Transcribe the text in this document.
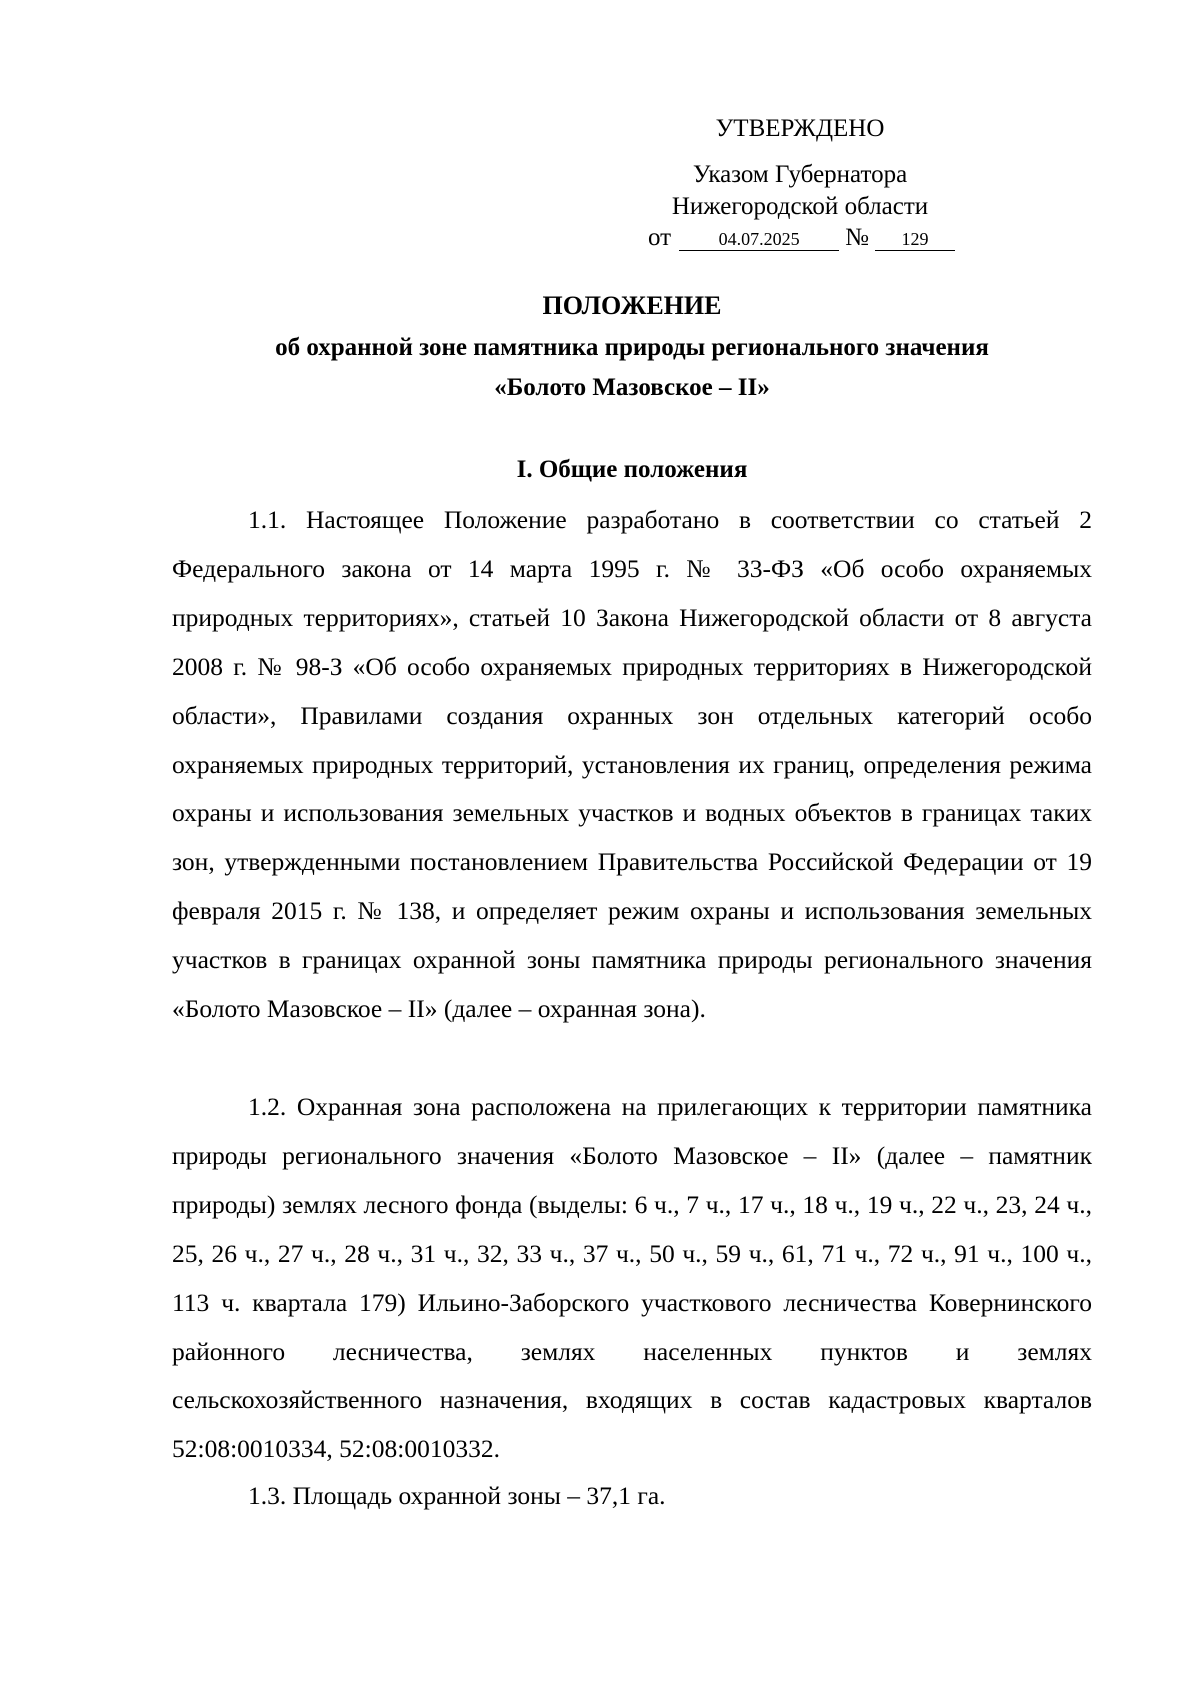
УТВЕРЖДЕНО
Указом Губернатора
Нижегородской области
от	04.07.2025 № 129
ПОЛОЖЕНИЕ
об охранной зоне памятника природы регионального значения
«Болото Мазовское – II»
I. Общие положения

1.1. Настоящее Положение разработано в соответствии со статьей 2 Федерального закона от 14 марта 1995 г. № 33-ФЗ «Об особо охраняемых природных территориях», статьей 10 Закона Нижегородской области от 8 августа 2008 г. № 98-З «Об особо охраняемых природных территориях в Нижегородской области», Правилами создания охранных зон отдельных категорий особо охраняемых природных территорий, установления их границ, определения режима охраны и использования земельных участков и водных объектов в границах таких зон, утвержденными постановлением Правительства Российской Федерации от 19 февраля 2015 г. № 138, и определяет режим охраны и использования земельных участков в границах охранной зоны памятника природы регионального значения «Болото Мазовское – II» (далее – охранная зона).

1.2. Охранная зона расположена на прилегающих к территории памятника природы регионального значения «Болото Мазовское – II» (далее – памятник природы) землях лесного фонда (выделы: 6 ч., 7 ч., 17 ч., 18 ч., 19 ч., 22 ч., 23, 24 ч., 25, 26 ч., 27 ч., 28 ч., 31 ч., 32, 33 ч., 37 ч., 50 ч., 59 ч., 61, 71 ч., 72 ч., 91 ч., 100 ч., 113 ч. квартала 179) Ильино-Заборского участкового лесничества Ковернинского районного лесничества, землях населенных пунктов и землях сельскохозяйственного назначения, входящих в состав кадастровых кварталов 52:08:0010334, 52:08:0010332.

1.3. Площадь охранной зоны – 37,1 га.
